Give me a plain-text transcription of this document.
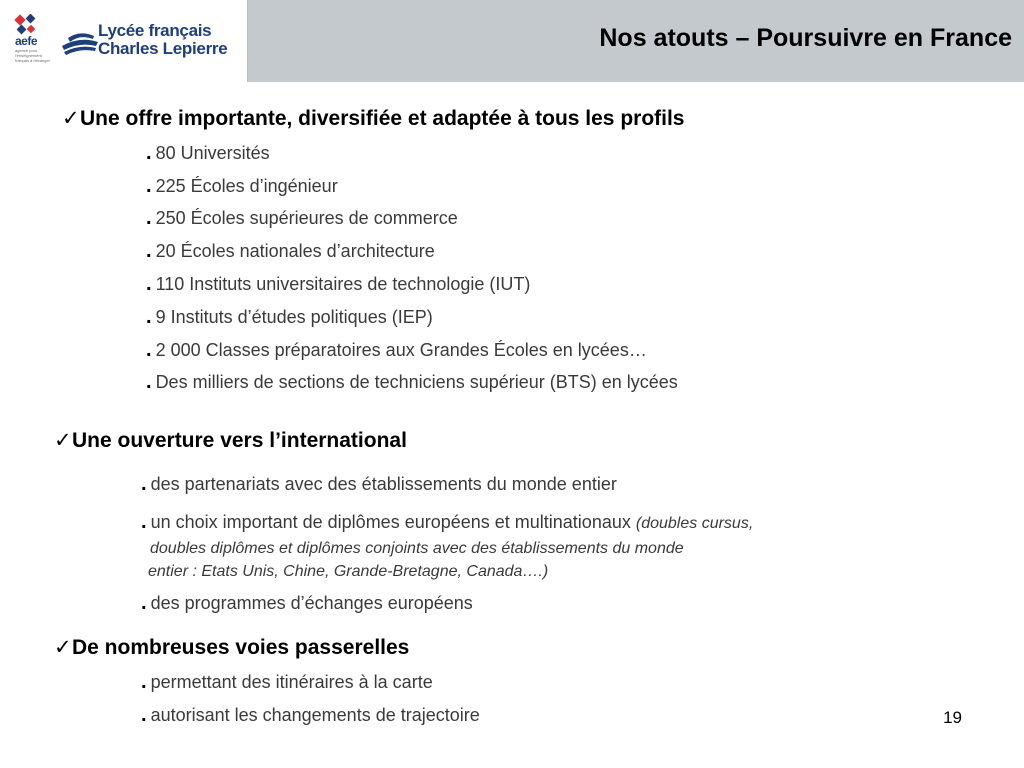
aefe
agence pour l'enseignement français à l'étranger
Lycée français
Charles Lepierre	Nos atouts – Poursuivre en France
✓Une offre importante, diversifiée et adaptée à tous les profils
. 80 Universités
. 225 Écoles d’ingénieur
. 250 Écoles supérieures de commerce
. 20 Écoles nationales d’architecture
. 110 Instituts universitaires de technologie (IUT)
. 9 Instituts d’études politiques (IEP)
. 2 000 Classes préparatoires aux Grandes Écoles en lycées…
. Des milliers de sections de techniciens supérieur (BTS) en lycées
✓Une ouverture vers l’international
. des partenariats avec des établissements du monde entier
. un choix important de diplômes européens et multinationaux (doubles cursus,
doubles diplômes et diplômes conjoints avec des établissements du monde
entier : Etats Unis, Chine, Grande-Bretagne, Canada….)
. des programmes d’échanges européens
✓De nombreuses voies passerelles
. permettant des itinéraires à la carte
. autorisant les changements de trajectoire	19
